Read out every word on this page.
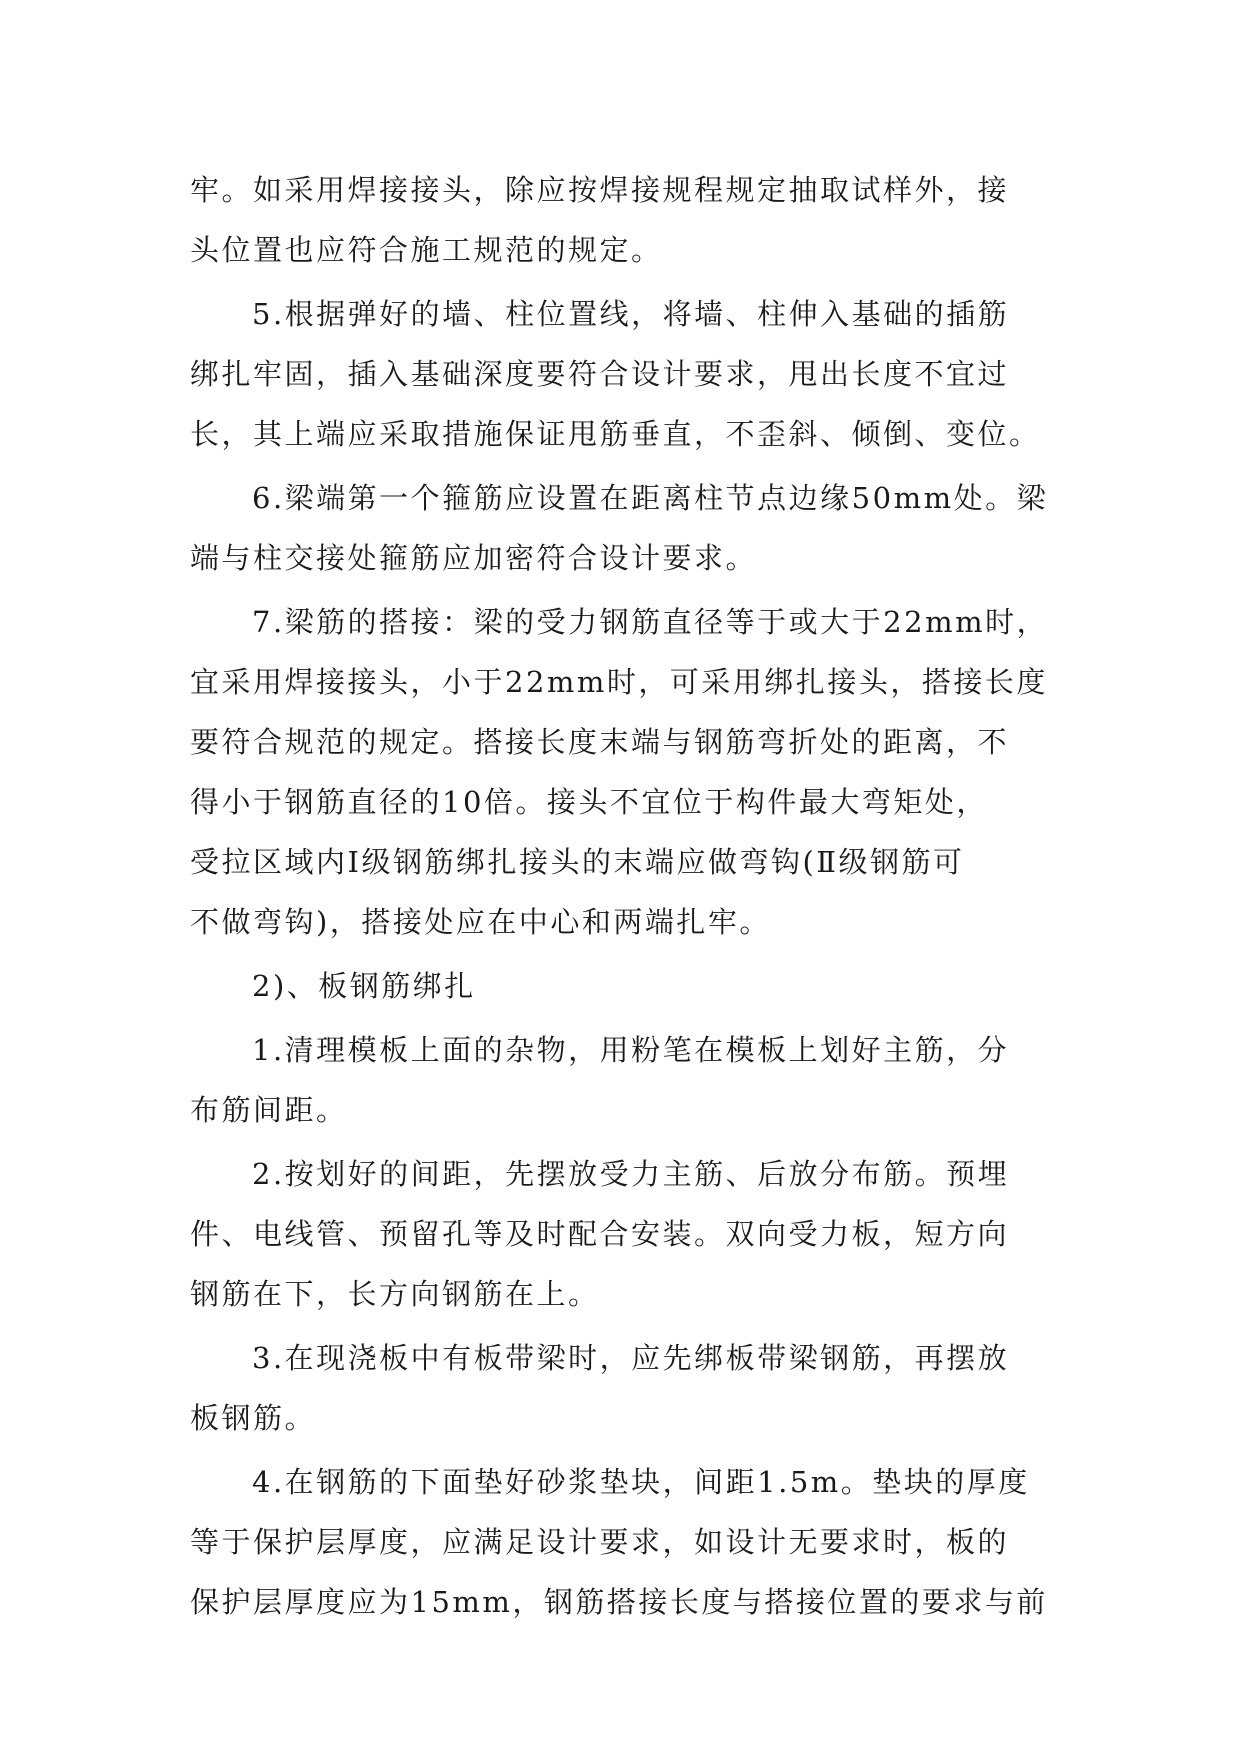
牢。如采用焊接接头，除应按焊接规程规定抽取试样外，接
头位置也应符合施工规范的规定。
5.根据弹好的墙、柱位置线，将墙、柱伸入基础的插筋
绑扎牢固，插入基础深度要符合设计要求，甩出长度不宜过
长，其上端应采取措施保证甩筋垂直，不歪斜、倾倒、变位。
6.梁端第一个箍筋应设置在距离柱节点边缘50mm处。梁
端与柱交接处箍筋应加密符合设计要求。
7.梁筋的搭接：梁的受力钢筋直径等于或大于22mm时，
宜采用焊接接头，小于22mm时，可采用绑扎接头，搭接长度
要符合规范的规定。搭接长度末端与钢筋弯折处的距离，不
得小于钢筋直径的10倍。接头不宜位于构件最大弯矩处，
受拉区域内Ⅰ级钢筋绑扎接头的末端应做弯钩(Ⅱ级钢筋可
不做弯钩)，搭接处应在中心和两端扎牢。
2)、板钢筋绑扎
1.清理模板上面的杂物，用粉笔在模板上划好主筋，分
布筋间距。
2.按划好的间距，先摆放受力主筋、后放分布筋。预埋
件、电线管、预留孔等及时配合安装。双向受力板，短方向
钢筋在下，长方向钢筋在上。
3.在现浇板中有板带梁时，应先绑板带梁钢筋，再摆放
板钢筋。
4.在钢筋的下面垫好砂浆垫块，间距1.5m。垫块的厚度
等于保护层厚度，应满足设计要求，如设计无要求时，板的
保护层厚度应为15mm，钢筋搭接长度与搭接位置的要求与前
